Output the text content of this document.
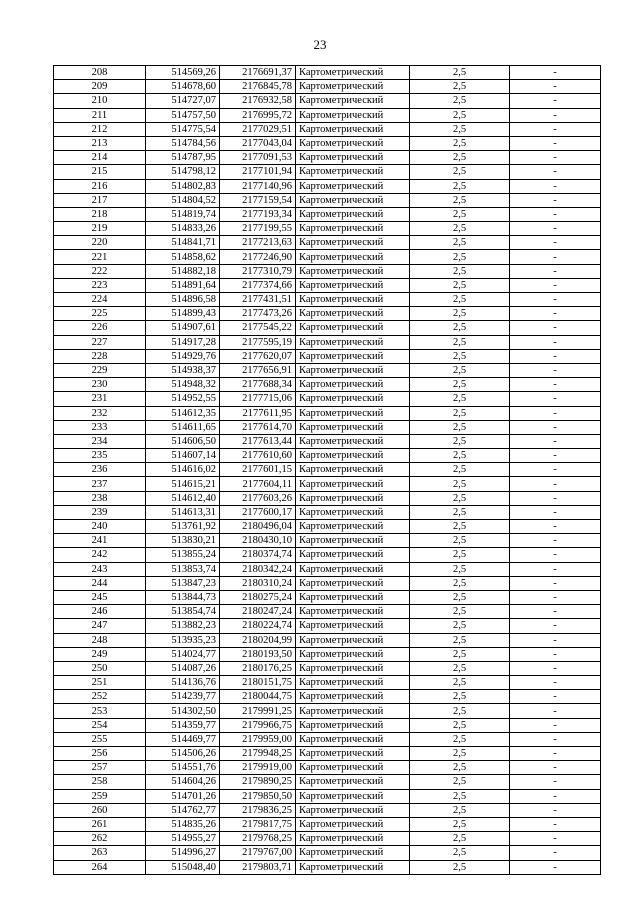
23
208	514569,26	2176691,37	Картометрический	2,5	-
209	514678,60	2176845,78	Картометрический	2,5	-
210	514727,07	2176932,58	Картометрический	2,5	-
211	514757,50	2176995,72	Картометрический	2,5	-
212	514775,54	2177029,51	Картометрический	2,5	-
213	514784,56	2177043,04	Картометрический	2,5	-
214	514787,95	2177091,53	Картометрический	2,5	-
215	514798,12	2177101,94	Картометрический	2,5	-
216	514802,83	2177140,96	Картометрический	2,5	-
217	514804,52	2177159,54	Картометрический	2,5	-
218	514819,74	2177193,34	Картометрический	2,5	-
219	514833,26	2177199,55	Картометрический	2,5	-
220	514841,71	2177213,63	Картометрический	2,5	-
221	514858,62	2177246,90	Картометрический	2,5	-
222	514882,18	2177310,79	Картометрический	2,5	-
223	514891,64	2177374,66	Картометрический	2,5	-
224	514896,58	2177431,51	Картометрический	2,5	-
225	514899,43	2177473,26	Картометрический	2,5	-
226	514907,61	2177545,22	Картометрический	2,5	-
227	514917,28	2177595,19	Картометрический	2,5	-
228	514929,76	2177620,07	Картометрический	2,5	-
229	514938,37	2177656,91	Картометрический	2,5	-
230	514948,32	2177688,34	Картометрический	2,5	-
231	514952,55	2177715,06	Картометрический	2,5	-
232	514612,35	2177611,95	Картометрический	2,5	-
233	514611,65	2177614,70	Картометрический	2,5	-
234	514606,50	2177613,44	Картометрический	2,5	-
235	514607,14	2177610,60	Картометрический	2,5	-
236	514616,02	2177601,15	Картометрический	2,5	-
237	514615,21	2177604,11	Картометрический	2,5	-
238	514612,40	2177603,26	Картометрический	2,5	-
239	514613,31	2177600,17	Картометрический	2,5	-
240	513761,92	2180496,04	Картометрический	2,5	-
241	513830,21	2180430,10	Картометрический	2,5	-
242	513855,24	2180374,74	Картометрический	2,5	-
243	513853,74	2180342,24	Картометрический	2,5	-
244	513847,23	2180310,24	Картометрический	2,5	-
245	513844,73	2180275,24	Картометрический	2,5	-
246	513854,74	2180247,24	Картометрический	2,5	-
247	513882,23	2180224,74	Картометрический	2,5	-
248	513935,23	2180204,99	Картометрический	2,5	-
249	514024,77	2180193,50	Картометрический	2,5	-
250	514087,26	2180176,25	Картометрический	2,5	-
251	514136,76	2180151,75	Картометрический	2,5	-
252	514239,77	2180044,75	Картометрический	2,5	-
253	514302,50	2179991,25	Картометрический	2,5	-
254	514359,77	2179966,75	Картометрический	2,5	-
255	514469,77	2179959,00	Картометрический	2,5	-
256	514506,26	2179948,25	Картометрический	2,5	-
257	514551,76	2179919,00	Картометрический	2,5	-
258	514604,26	2179890,25	Картометрический	2,5	-
259	514701,26	2179850,50	Картометрический	2,5	-
260	514762,77	2179836,25	Картометрический	2,5	-
261	514835,26	2179817,75	Картометрический	2,5	-
262	514955,27	2179768,25	Картометрический	2,5	-
263	514996,27	2179767,00	Картометрический	2,5	-
264	515048,40	2179803,71	Картометрический	2,5	-
